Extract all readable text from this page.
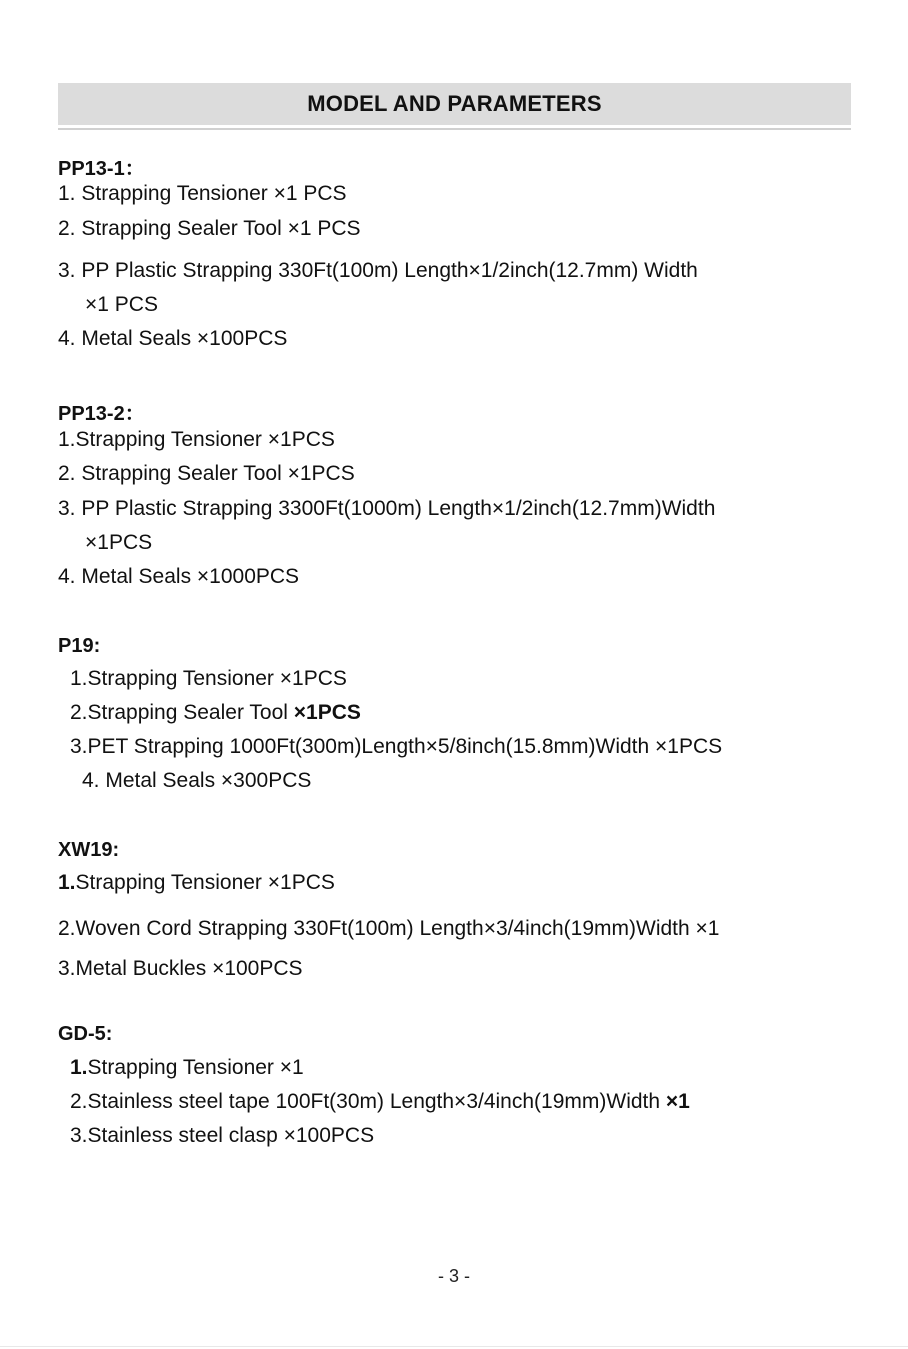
MODEL AND PARAMETERS

PP13-1：

1. Strapping Tensioner ×1 PCS

2. Strapping Sealer Tool ×1 PCS

3. PP Plastic Strapping 330Ft(100m) Length×1/2inch(12.7mm) Width

×1 PCS

4. Metal Seals ×100PCS

PP13-2：

1.Strapping Tensioner ×1PCS

2. Strapping Sealer Tool ×1PCS

3. PP Plastic Strapping 3300Ft(1000m) Length×1/2inch(12.7mm)Width

×1PCS

4. Metal Seals ×1000PCS

P19:

1.Strapping Tensioner ×1PCS

2.Strapping Sealer Tool ×1PCS

3.PET Strapping 1000Ft(300m)Length×5/8inch(15.8mm)Width ×1PCS

4. Metal Seals ×300PCS

XW19:

1.Strapping Tensioner ×1PCS

2.Woven Cord Strapping 330Ft(100m) Length×3/4inch(19mm)Width ×1

3.Metal Buckles ×100PCS

GD-5:

1.Strapping Tensioner ×1

2.Stainless steel tape 100Ft(30m) Length×3/4inch(19mm)Width ×1

3.Stainless steel clasp ×100PCS

- 3 -
